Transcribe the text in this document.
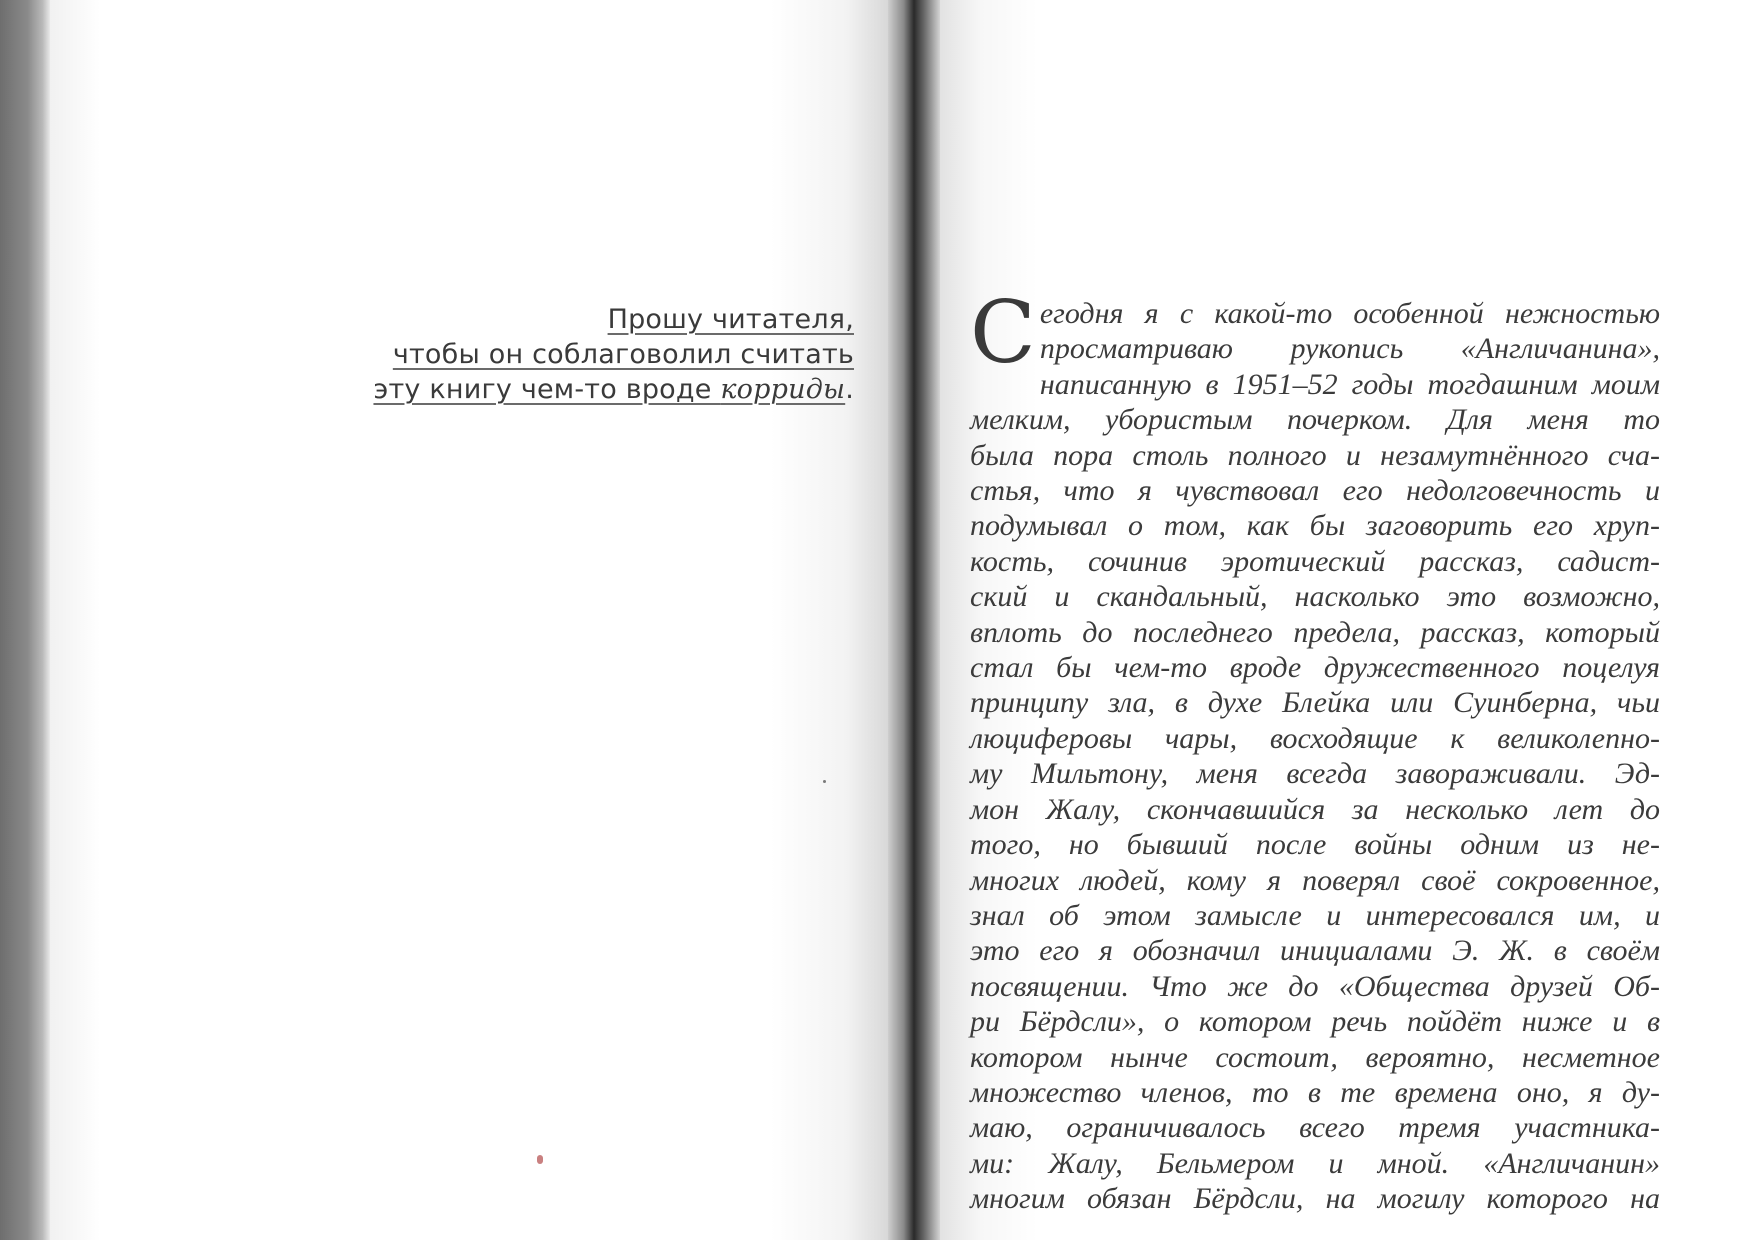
Прошу читателя,
чтобы он соблаговолил считать
эту книгу чем-то вроде корриды.
С егодня я с какой-то особенной нежностью
просматриваю рукопись «Англичанина»,
написанную в 1951–52 годы тогдашним моим
мелким, убористым почерком. Для меня то
была пора столь полного и незамутнённого сча-
стья, что я чувствовал его недолговечность и
подумывал о том, как бы заговорить его хруп-
кость, сочинив эротический рассказ, садист-
ский и скандальный, насколько это возможно,
вплоть до последнего предела, рассказ, который
стал бы чем-то вроде дружественного поцелуя
принципу зла, в духе Блейка или Суинберна, чьи
люциферовы чары, восходящие к великолепно-
му Мильтону, меня всегда завораживали. Эд-
мон Жалу, скончавшийся за несколько лет до
того, но бывший после войны одним из не-
многих людей, кому я поверял своё сокровенное,
знал об этом замысле и интересовался им, и
это его я обозначил инициалами Э. Ж. в своём
посвящении. Что же до «Общества друзей Об-
ри Бёрдсли», о котором речь пойдёт ниже и в
котором нынче состоит, вероятно, несметное
множество членов, то в те времена оно, я ду-
маю, ограничивалось всего тремя участника-
ми: Жалу, Бельмером и мной. «Англичанин»
многим обязан Бёрдсли, на могилу которого на
